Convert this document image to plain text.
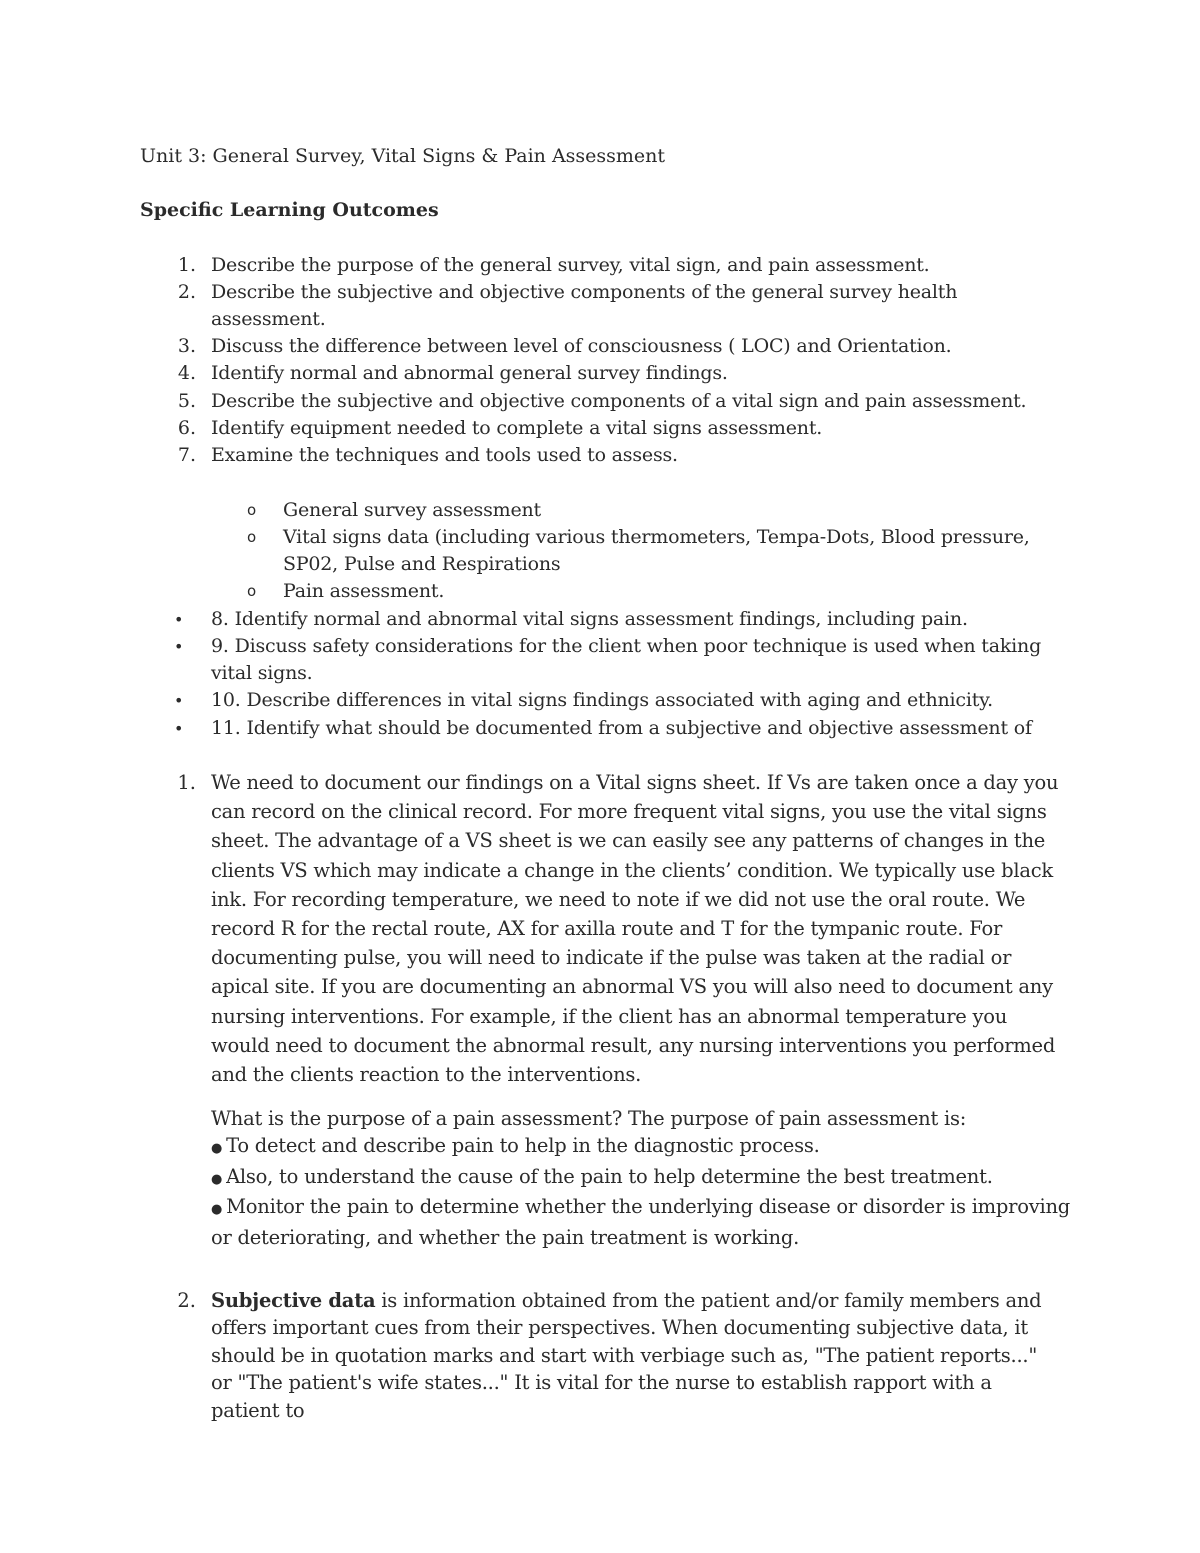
Unit 3: General Survey, Vital Signs & Pain Assessment
Specific Learning Outcomes
1. Describe the purpose of the general survey, vital sign, and pain assessment.
2. Describe the subjective and objective components of the general survey health assessment.
3. Discuss the difference between level of consciousness ( LOC) and Orientation.
4. Identify normal and abnormal general survey findings.
5. Describe the subjective and objective components of a vital sign and pain assessment.
6. Identify equipment needed to complete a vital signs assessment.
7. Examine the techniques and tools used to assess.
o General survey assessment
o Vital signs data (including various thermometers, Tempa-Dots, Blood pressure, SP02, Pulse and Respirations
o Pain assessment.
• 8. Identify normal and abnormal vital signs assessment findings, including pain.
• 9. Discuss safety considerations for the client when poor technique is used when taking vital signs.
• 10. Describe differences in vital signs findings associated with aging and ethnicity.
• 11. Identify what should be documented from a subjective and objective assessment of
1. We need to document our findings on a Vital signs sheet. If Vs are taken once a day you can record on the clinical record. For more frequent vital signs, you use the vital signs sheet. The advantage of a VS sheet is we can easily see any patterns of changes in the clients VS which may indicate a change in the clients’ condition. We typically use black ink. For recording temperature, we need to note if we did not use the oral route. We record R for the rectal route, AX for axilla route and T for the tympanic route. For documenting pulse, you will need to indicate if the pulse was taken at the radial or apical site. If you are documenting an abnormal VS you will also need to document any nursing interventions. For example, if the client has an abnormal temperature you would need to document the abnormal result, any nursing interventions you performed and the clients reaction to the interventions.
What is the purpose of a pain assessment? The purpose of pain assessment is:
● To detect and describe pain to help in the diagnostic process.
● Also, to understand the cause of the pain to help determine the best treatment.
● Monitor the pain to determine whether the underlying disease or disorder is improving or deteriorating, and whether the pain treatment is working.
2. Subjective data is information obtained from the patient and/or family members and offers important cues from their perspectives. When documenting subjective data, it should be in quotation marks and start with verbiage such as, "The patient reports..." or "The patient's wife states..." It is vital for the nurse to establish rapport with a patient to
